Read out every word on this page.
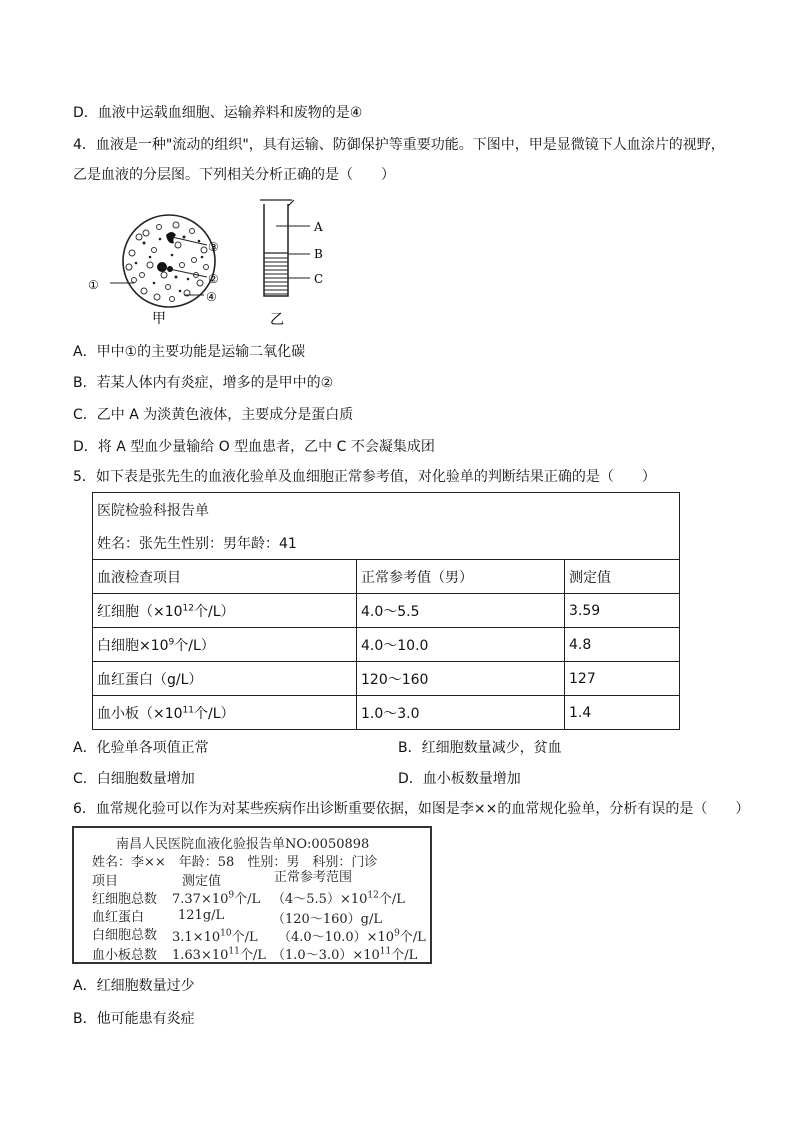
D．血液中运载血细胞、运输养料和废物的是④
4．血液是一种"流动的组织"，具有运输、防御保护等重要功能。下图中，甲是显微镜下人血涂片的视野，
乙是血液的分层图。下列相关分析正确的是（　　）
①	②
③
④
甲
A
B
C
乙
A．甲中①的主要功能是运输二氧化碳
B．若某人体内有炎症，增多的是甲中的②
C．乙中 A 为淡黄色液体，主要成分是蛋白质
D．将 A 型血少量输给 O 型血患者，乙中 C 不会凝集成团
5．如下表是张先生的血液化验单及血细胞正常参考值，对化验单的判断结果正确的是（　　）
医院检验科报告单		
姓名：张先生性别：男年龄：41		
血液检查项目	正常参考值（男）	测定值
红细胞（$\times 10^{12}$个/L）	4.0～5.5	3.59
白细胞$\times 10^9$个/L）	4.0～10.0	4.8
血红蛋白（g/L）	120～160	127
血小板（$\times 10^{11}$个/L）	1.0～3.0	1.4
A．化验单各项值正常	B．红细胞数量减少，贫血
C．白细胞数量增加	D．血小板数量增加
6．血常规化验可以作为对某些疾病作出诊断重要依据，如图是李××的血常规化验单，分析有误的是（　　）
南昌人民医院血液化验报告单NO:0050898
姓名：李××　年龄：58　性别：男　科别：门诊
项目	测定值	正常参考范围
红细胞总数 $7.37\times 10^9$个/L $(4\sim 5.5)\times 10^{12}$个/L
血红蛋白	121g/L	（120～160）g/L
白细胞总数 $3.1\times 10^{10}$个/L $(4.0\sim 10.0)\times 10^9$个/L
血小板总数 $1.63\times 10^{11}$个/L $(1.0\sim 3.0)\times 10^{11}$个/L
A．红细胞数量过少
B．他可能患有炎症
